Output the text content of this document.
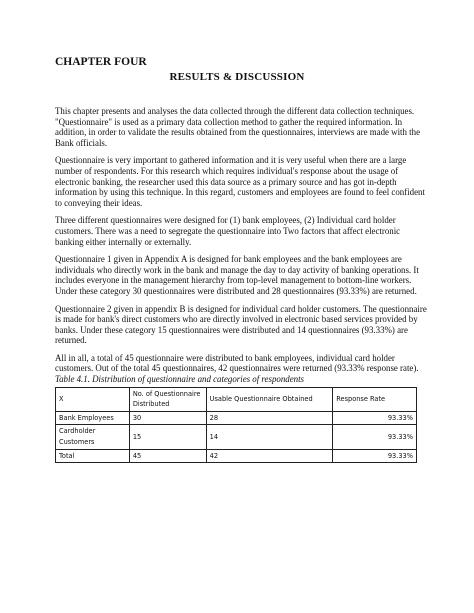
CHAPTER FOUR
RESULTS & DISCUSSION

This chapter presents and analyses the data collected through the different data collection techniques. "Questionnaire" is used as a primary data collection method to gather the required information. In addition, in order to validate the results obtained from the questionnaires, interviews are made with the Bank officials.

Questionnaire is very important to gathered information and it is very useful when there are a large number of respondents. For this research which requires individual's response about the usage of electronic banking, the researcher used this data source as a primary source and has got in-depth information by using this technique. In this regard, customers and employees are found to feel confident to conveying their ideas.

Three different questionnaires were designed for (1) bank employees, (2) Individual card holder customers. There was a need to segregate the questionnaire into Two factors that affect electronic banking either internally or externally.

Questionnaire 1 given in Appendix A is designed for bank employees and the bank employees are individuals who directly work in the bank and manage the day to day activity of banking operations. It includes everyone in the management hierarchy from top-level management to bottom-line workers. Under these category 30 questionnaires were distributed and 28 questionnaires (93.33%) are returned.

Questionnaire 2 given in appendix B is designed for individual card holder customers. The questionnaire is made for bank's direct customers who are directly involved in electronic based services provided by banks. Under these category 15 questionnaires were distributed and 14 questionnaires (93.33%) are returned.

All in all, a total of 45 questionnaire were distributed to bank employees, individual card holder customers. Out of the total 45 questionnaires, 42 questionnaires were returned (93.33% response rate).

Table 4.1. Distribution of questionnaire and categories of respondents
X	No. of Questionnaire Distributed	Usable Questionnaire Obtained	Response Rate
Bank Employees	30	28	93.33%
Cardholder Customers	15	14	93.33%
Total	45	42	93.33%
